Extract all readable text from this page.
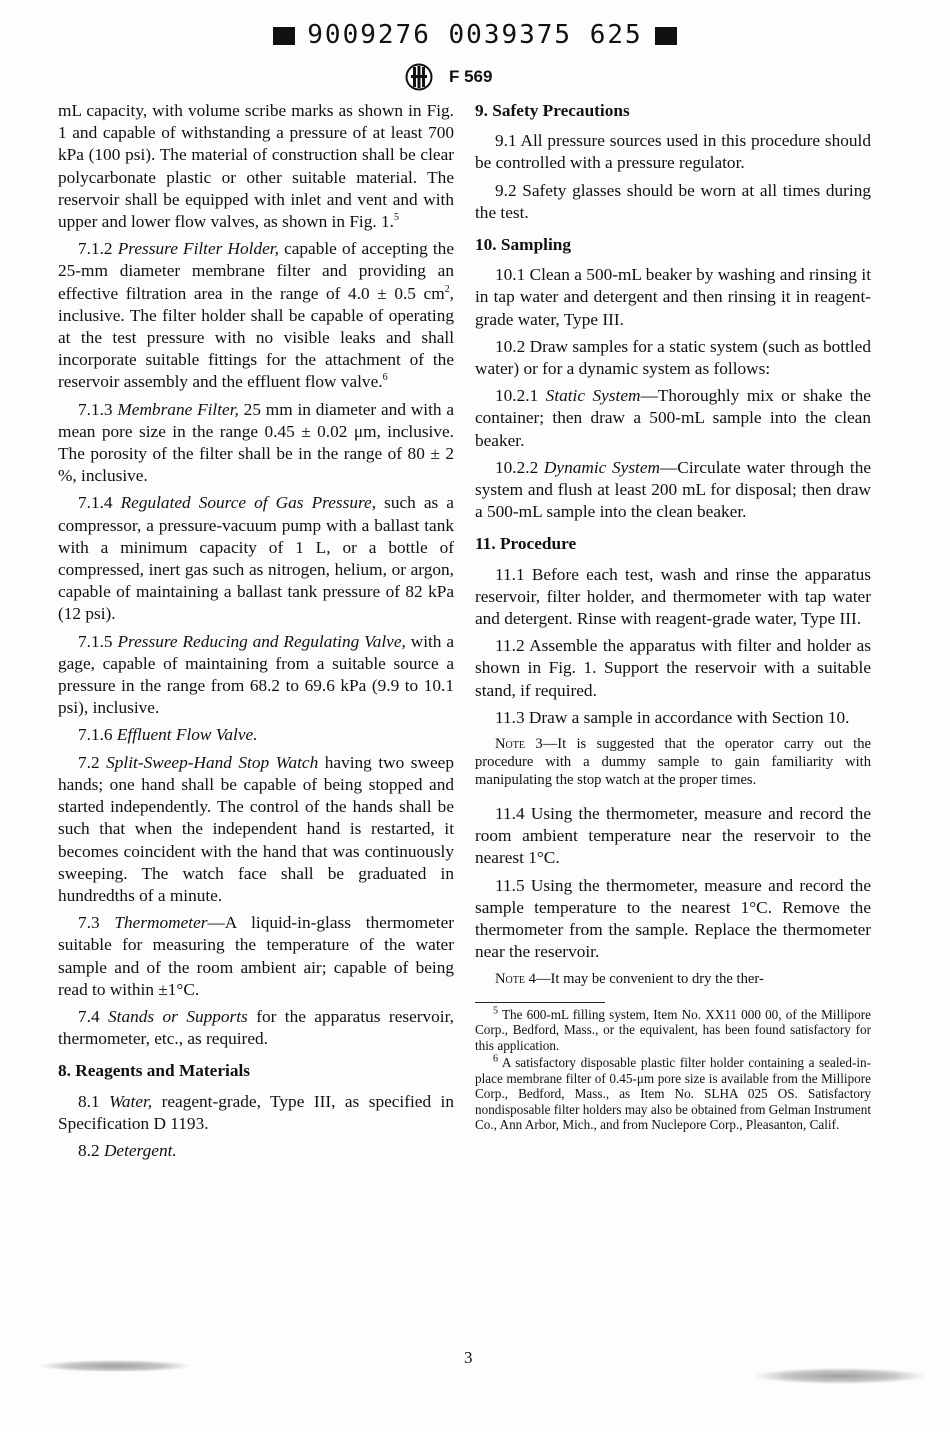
9009276 0039375 625
F 569

mL capacity, with volume scribe marks as shown in Fig. 1 and capable of withstanding a pressure of at least 700 kPa (100 psi). The material of construction shall be clear polycarbonate plastic or other suitable material. The reservoir shall be equipped with inlet and vent and with upper and lower flow valves, as shown in Fig. 1.$^5$

7.1.2 Pressure Filter Holder, capable of accepting the 25-mm diameter membrane filter and providing an effective filtration area in the range of 4.0 ± 0.5 $cm^2$, inclusive. The filter holder shall be capable of operating at the test pressure with no visible leaks and shall incorporate suitable fittings for the attachment of the reservoir assembly and the effluent flow valve.$^6$

7.1.3 Membrane Filter, 25 mm in diameter and with a mean pore size in the range 0.45 ± 0.02 μm, inclusive. The porosity of the filter shall be in the range of 80 ± 2 %, inclusive.

7.1.4 Regulated Source of Gas Pressure, such as a compressor, a pressure-vacuum pump with a ballast tank with a minimum capacity of 1 L, or a bottle of compressed, inert gas such as nitrogen, helium, or argon, capable of maintaining a ballast tank pressure of 82 kPa (12 psi).

7.1.5 Pressure Reducing and Regulating Valve, with a gage, capable of maintaining from a suitable source a pressure in the range from 68.2 to 69.6 kPa (9.9 to 10.1 psi), inclusive.

7.1.6 Effluent Flow Valve.

7.2 Split-Sweep-Hand Stop Watch having two sweep hands; one hand shall be capable of being stopped and started independently. The control of the hands shall be such that when the independent hand is restarted, it becomes coincident with the hand that was continuously sweeping. The watch face shall be graduated in hundredths of a minute.

7.3 Thermometer—A liquid-in-glass thermometer suitable for measuring the temperature of the water sample and of the room ambient air; capable of being read to within ±1°C.

7.4 Stands or Supports for the apparatus reservoir, thermometer, etc., as required.

8. Reagents and Materials

8.1 Water, reagent-grade, Type III, as specified in Specification D 1193.

8.2 Detergent.

9. Safety Precautions

9.1 All pressure sources used in this procedure should be controlled with a pressure regulator.

9.2 Safety glasses should be worn at all times during the test.

10. Sampling

10.1 Clean a 500-mL beaker by washing and rinsing it in tap water and detergent and then rinsing it in reagent-grade water, Type III.

10.2 Draw samples for a static system (such as bottled water) or for a dynamic system as follows:

10.2.1 Static System—Thoroughly mix or shake the container; then draw a 500-mL sample into the clean beaker.

10.2.2 Dynamic System—Circulate water through the system and flush at least 200 mL for disposal; then draw a 500-mL sample into the clean beaker.

11. Procedure

11.1 Before each test, wash and rinse the apparatus reservoir, filter holder, and thermometer with tap water and detergent. Rinse with reagent-grade water, Type III.

11.2 Assemble the apparatus with filter and holder as shown in Fig. 1. Support the reservoir with a suitable stand, if required.

11.3 Draw a sample in accordance with Section 10.

Note 3—It is suggested that the operator carry out the procedure with a dummy sample to gain familiarity with manipulating the stop watch at the proper times.

11.4 Using the thermometer, measure and record the room ambient temperature near the reservoir to the nearest 1°C.

11.5 Using the thermometer, measure and record the sample temperature to the nearest 1°C. Remove the thermometer from the sample. Replace the thermometer near the reservoir.

Note 4—It may be convenient to dry the ther-

$^5$ The 600-mL filling system, Item No. XX11 000 00, of the Millipore Corp., Bedford, Mass., or the equivalent, has been found satisfactory for this application.

$^6$ A satisfactory disposable plastic filter holder containing a sealed-in-place membrane filter of 0.45-μm pore size is available from the Millipore Corp., Bedford, Mass., as Item No. SLHA 025 OS. Satisfactory nondisposable filter holders may also be obtained from Gelman Instrument Co., Ann Arbor, Mich., and from Nuclepore Corp., Pleasanton, Calif.

3
